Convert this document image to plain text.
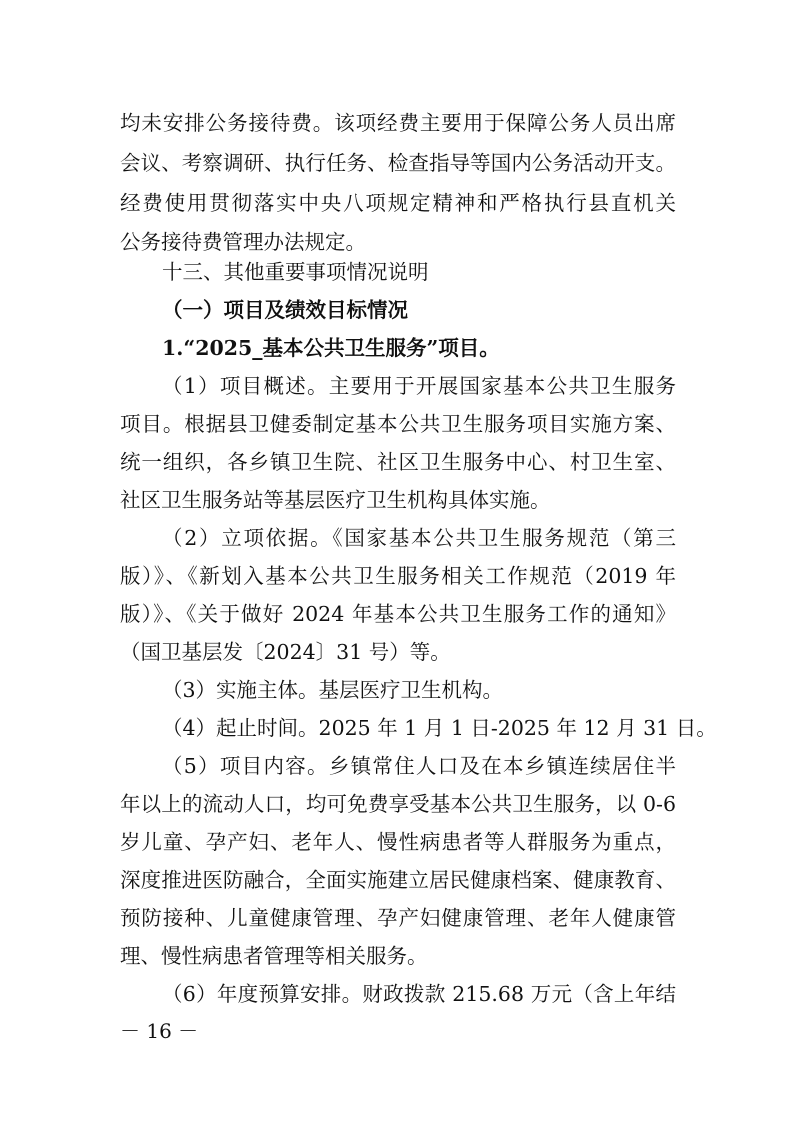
均未安排公务接待费。该项经费主要用于保障公务人员出席
会议、考察调研、执行任务、检查指导等国内公务活动开支。
经费使用贯彻落实中央八项规定精神和严格执行县直机关
公务接待费管理办法规定。
十三、其他重要事项情况说明
（一）项目及绩效目标情况
1.“2025_基本公共卫生服务”项目。
（1）项目概述。主要用于开展国家基本公共卫生服务
项目。根据县卫健委制定基本公共卫生服务项目实施方案、
统一组织，各乡镇卫生院、社区卫生服务中心、村卫生室、
社区卫生服务站等基层医疗卫生机构具体实施。
（2）立项依据。《国家基本公共卫生服务规范（第三
版）》、《新划入基本公共卫生服务相关工作规范（2019 年
版）》、《关于做好 2024 年基本公共卫生服务工作的通知》
（国卫基层发〔2024〕31 号）等。
（3）实施主体。基层医疗卫生机构。
（4）起止时间。2025 年 1 月 1 日-2025 年 12 月 31 日。
（5）项目内容。乡镇常住人口及在本乡镇连续居住半
年以上的流动人口，均可免费享受基本公共卫生服务，以 0-6
岁儿童、孕产妇、老年人、慢性病患者等人群服务为重点，
深度推进医防融合，全面实施建立居民健康档案、健康教育、
预防接种、儿童健康管理、孕产妇健康管理、老年人健康管
理、慢性病患者管理等相关服务。
（6）年度预算安排。财政拨款 215.68 万元（含上年结
－ 16 －
